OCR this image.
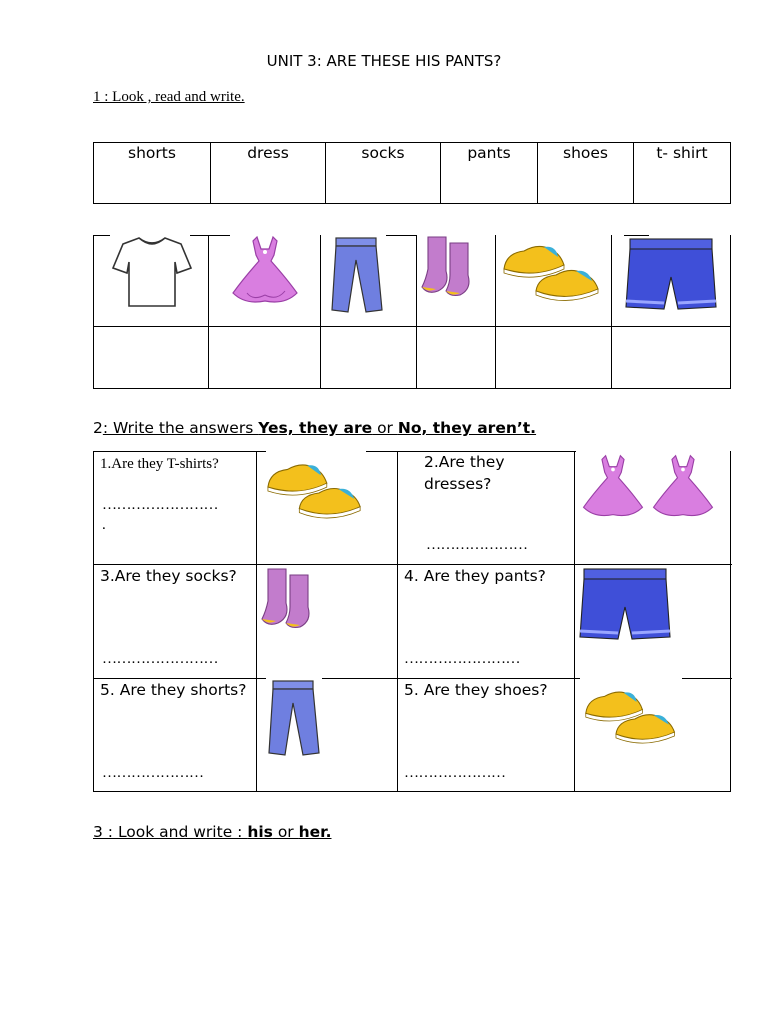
UNIT 3: ARE THESE HIS PANTS?
1 : Look , read and write.
shorts	dress	socks	pants	shoes	t- shirt
2: Write the answers Yes, they are or No, they aren’t.
1.Are they T-shirts?
……………………
.
2.Are they dresses?
…………………
3.Are they socks?
……………………
4. Are they pants?
……………………
5. Are they shorts?
…………………
5. Are they shoes?
…………………
3 : Look and write : his or her.
